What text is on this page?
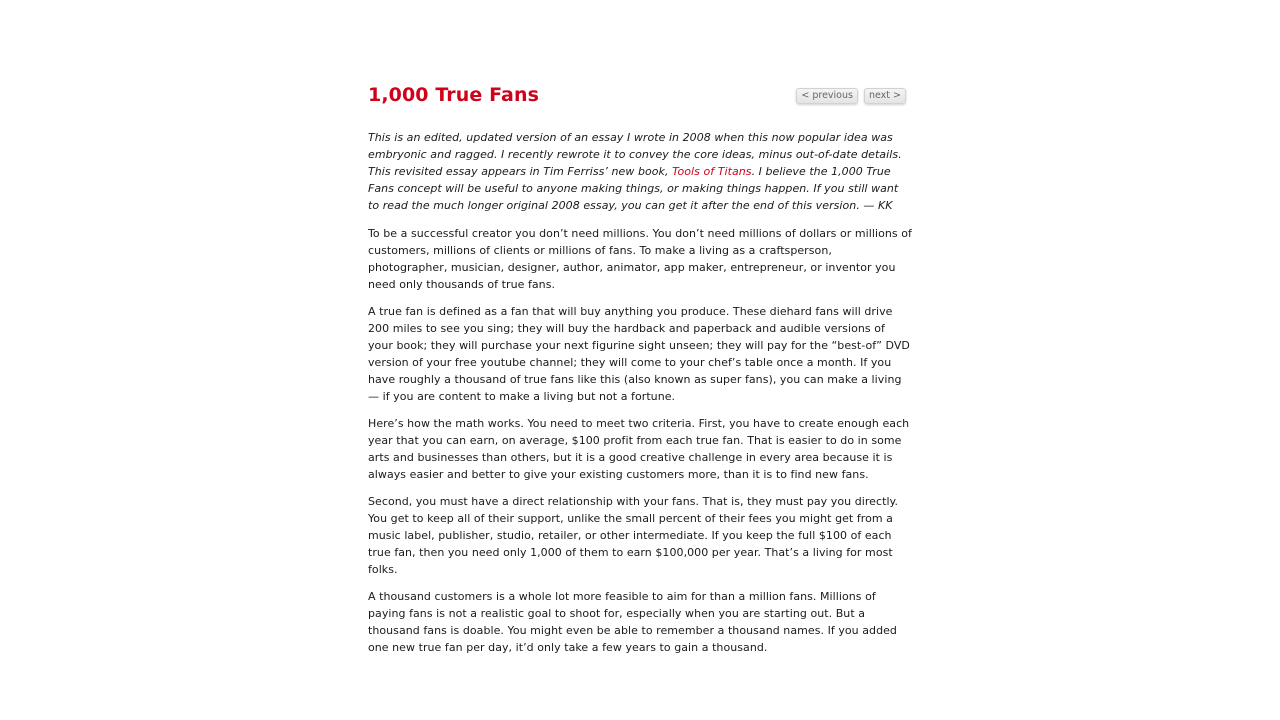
1,000 True Fans	< previous	next >

This is an edited, updated version of an essay I wrote in 2008 when this now popular idea was embryonic and ragged. I recently rewrote it to convey the core ideas, minus out-of-date details. This revisited essay appears in Tim Ferriss’ new book, Tools of Titans. I believe the 1,000 True Fans concept will be useful to anyone making things, or making things happen. If you still want to read the much longer original 2008 essay, you can get it after the end of this version. — KK

To be a successful creator you don’t need millions. You don’t need millions of dollars or millions of customers, millions of clients or millions of fans. To make a living as a craftsperson, photographer, musician, designer, author, animator, app maker, entrepreneur, or inventor you need only thousands of true fans.

A true fan is defined as a fan that will buy anything you produce. These diehard fans will drive 200 miles to see you sing; they will buy the hardback and paperback and audible versions of your book; they will purchase your next figurine sight unseen; they will pay for the “best-of” DVD version of your free youtube channel; they will come to your chef’s table once a month. If you have roughly a thousand of true fans like this (also known as super fans), you can make a living — if you are content to make a living but not a fortune.

Here’s how the math works. You need to meet two criteria. First, you have to create enough each year that you can earn, on average, $100 profit from each true fan. That is easier to do in some arts and businesses than others, but it is a good creative challenge in every area because it is always easier and better to give your existing customers more, than it is to find new fans.

Second, you must have a direct relationship with your fans. That is, they must pay you directly. You get to keep all of their support, unlike the small percent of their fees you might get from a music label, publisher, studio, retailer, or other intermediate. If you keep the full $100 of each true fan, then you need only 1,000 of them to earn $100,000 per year. That’s a living for most folks.

A thousand customers is a whole lot more feasible to aim for than a million fans. Millions of paying fans is not a realistic goal to shoot for, especially when you are starting out. But a thousand fans is doable. You might even be able to remember a thousand names. If you added one new true fan per day, it’d only take a few years to gain a thousand.
